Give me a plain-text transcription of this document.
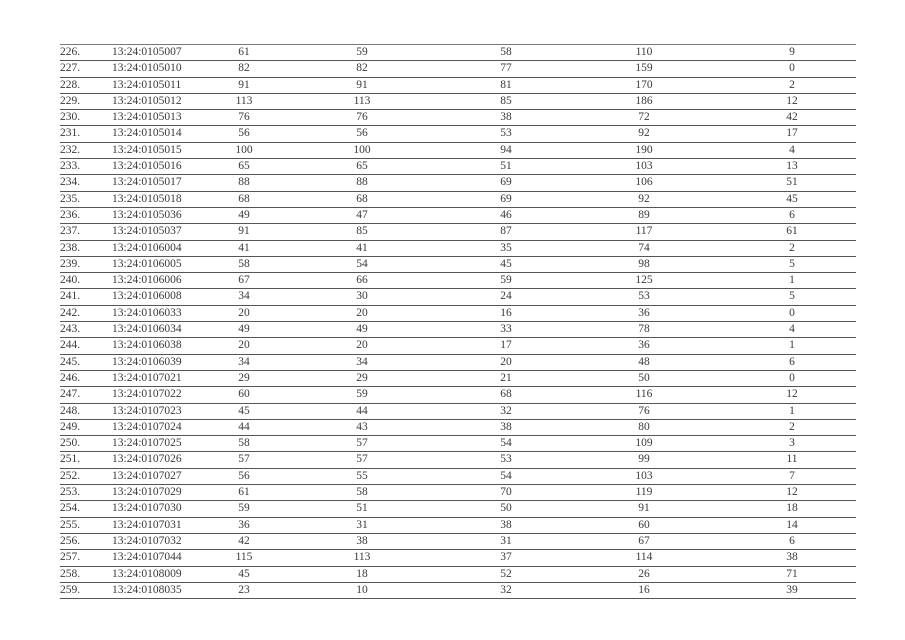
226.	13:24:0105007	61	59	58	110	9
227.	13:24:0105010	82	82	77	159	0
228.	13:24:0105011	91	91	81	170	2
229.	13:24:0105012	113	113	85	186	12
230.	13:24:0105013	76	76	38	72	42
231.	13:24:0105014	56	56	53	92	17
232.	13:24:0105015	100	100	94	190	4
233.	13:24:0105016	65	65	51	103	13
234.	13:24:0105017	88	88	69	106	51
235.	13:24:0105018	68	68	69	92	45
236.	13:24:0105036	49	47	46	89	6
237.	13:24:0105037	91	85	87	117	61
238.	13:24:0106004	41	41	35	74	2
239.	13:24:0106005	58	54	45	98	5
240.	13:24:0106006	67	66	59	125	1
241.	13:24:0106008	34	30	24	53	5
242.	13:24:0106033	20	20	16	36	0
243.	13:24:0106034	49	49	33	78	4
244.	13:24:0106038	20	20	17	36	1
245.	13:24:0106039	34	34	20	48	6
246.	13:24:0107021	29	29	21	50	0
247.	13:24:0107022	60	59	68	116	12
248.	13:24:0107023	45	44	32	76	1
249.	13:24:0107024	44	43	38	80	2
250.	13:24:0107025	58	57	54	109	3
251.	13:24:0107026	57	57	53	99	11
252.	13:24:0107027	56	55	54	103	7
253.	13:24:0107029	61	58	70	119	12
254.	13:24:0107030	59	51	50	91	18
255.	13:24:0107031	36	31	38	60	14
256.	13:24:0107032	42	38	31	67	6
257.	13:24:0107044	115	113	37	114	38
258.	13:24:0108009	45	18	52	26	71
259.	13:24:0108035	23	10	32	16	39
